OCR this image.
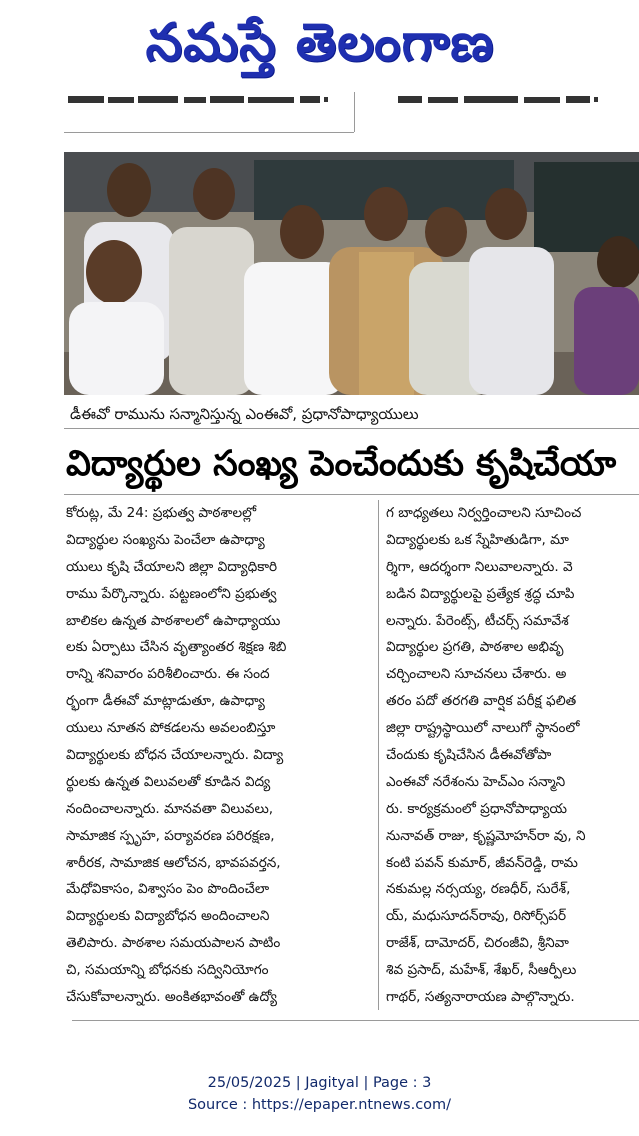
నమస్తే తెలంగాణ
డీఈవో రామును సన్మానిస్తున్న ఎంఈవో, ప్రధానోపాధ్యాయులు
విద్యార్థుల సంఖ్య పెంచేందుకు కృషిచేయా
కోరుట్ల, మే 24: ప్రభుత్వ పాఠశాలల్లో
విద్యార్థుల సంఖ్యను పెంచేలా ఉపాధ్యా
యులు కృషి చేయాలని జిల్లా విద్యాధికారి
రాము పేర్కొన్నారు. పట్టణంలోని ప్రభుత్వ
బాలికల ఉన్నత పాఠశాలలో ఉపాధ్యాయు
లకు ఏర్పాటు చేసిన వృత్యాంతర శిక్షణ శిబి
రాన్ని శనివారం పరిశీలించారు. ఈ సంద
ర్భంగా డీఈవో మాట్లాడుతూ, ఉపాధ్యా
యులు నూతన పోకడలను అవలంబిస్తూ
విద్యార్థులకు బోధన చేయాలన్నారు. విద్యా
ర్థులకు ఉన్నత విలువలతో కూడిన విద్య
నందించాలన్నారు. మానవతా విలువలు,
సామాజిక స్పృహ, పర్యావరణ పరిరక్షణ,
శారీరక, సామాజిక ఆలోచన, భావపవర్తన,
మేధోవికాసం, విశ్వాసం పెం పొందించేలా
విద్యార్థులకు విద్యాబోధన అందించాలని
తెలిపారు. పాఠశాల సమయపాలన పాటిం
చి, సమయాన్ని బోధనకు సద్వినియోగం
చేసుకోవాలన్నారు. అంకితభావంతో ఉద్యో
గ బాధ్యతలు నిర్వర్తించాలని సూచించ
విద్యార్థులకు ఒక స్నేహితుడిగా, మా
ర్శిగా, ఆదర్శంగా నిలువాలన్నారు. వె
బడిన విద్యార్థులపై ప్రత్యేక శ్రద్ధ చూపి
లన్నారు. పేరెంట్స్, టీచర్స్ సమావేశ
విద్యార్థుల ప్రగతి, పాఠశాల అభివృ
చర్చించాలని సూచనలు చేశారు. అ
తరం పదో తరగతి వార్షిక పరీక్ష ఫలిత
జిల్లా రాష్ట్రస్థాయిలో నాలుగో స్థానంలో
చేందుకు కృషిచేసిన డీఈవోతోపా
ఎంఈవో నరేశంను హెచ్ఎం సన్మాని
రు. కార్యక్రమంలో ప్రధానోపాధ్యాయ
నునావత్ రాజు, కృష్ణమోహన్‌రా వు, ని
కంటి పవన్ కుమార్, జీవన్‌రెడ్డి, రామ
నకుమల్ల నర్సయ్య, రణధీర్, సురేశ్,
య్, మధుసూదన్‌రావు, రిసోర్స్‌పర్
రాజేశ్, దామోదర్, చిరంజీవి, శ్రీనివా
శివ ప్రసాద్, మహేశ్, శేఖర్, సీఆర్పీలు
గాథర్, సత్యనారాయణ పాల్గొన్నారు.
25/05/2025 | Jagityal | Page : 3
Source : https://epaper.ntnews.com/
